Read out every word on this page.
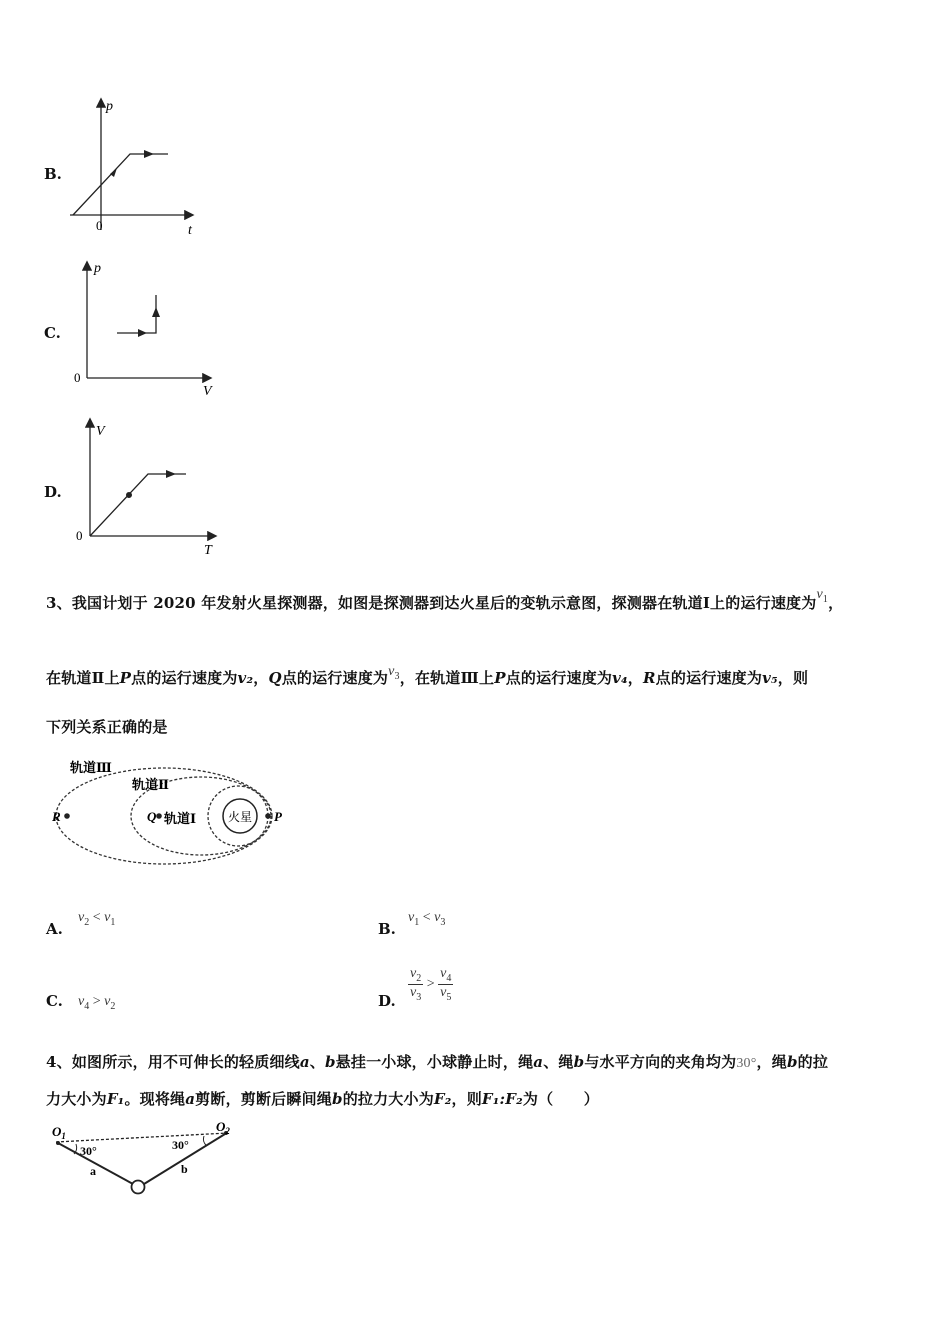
B.
p
t
0
C.
p
V
0
D.
V
T
0
3、我国计划于 2020 年发射火星探测器，如图是探测器到达火星后的变轨示意图，探测器在轨道Ⅰ上的运行速度为$v_1$，
在轨道Ⅱ上P点的运行速度为v₂，Q点的运行速度为$v_3$，在轨道Ⅲ上P点的运行速度为v₄，R点的运行速度为v₅，则
下列关系正确的是
火星
轨道Ⅲ
轨道Ⅱ
轨道Ⅰ
R	Q	P
A.
$v_2 < v_1$	B.
$v_1 < v_3$
C. $v_4 > v_2$	D. $\frac{v_2}{v_3} > \frac{v_4}{v_5}$
4、如图所示，用不可伸长的轻质细线a、b悬挂一小球，小球静止时，绳a、绳b与水平方向的夹角均为30°，绳b的拉
力大小为F₁。现将绳a剪断，剪断后瞬间绳b的拉力大小为F₂，则F₁:F₂为（　　）
$O_1$
$O_2$
30°	30°
a	b
